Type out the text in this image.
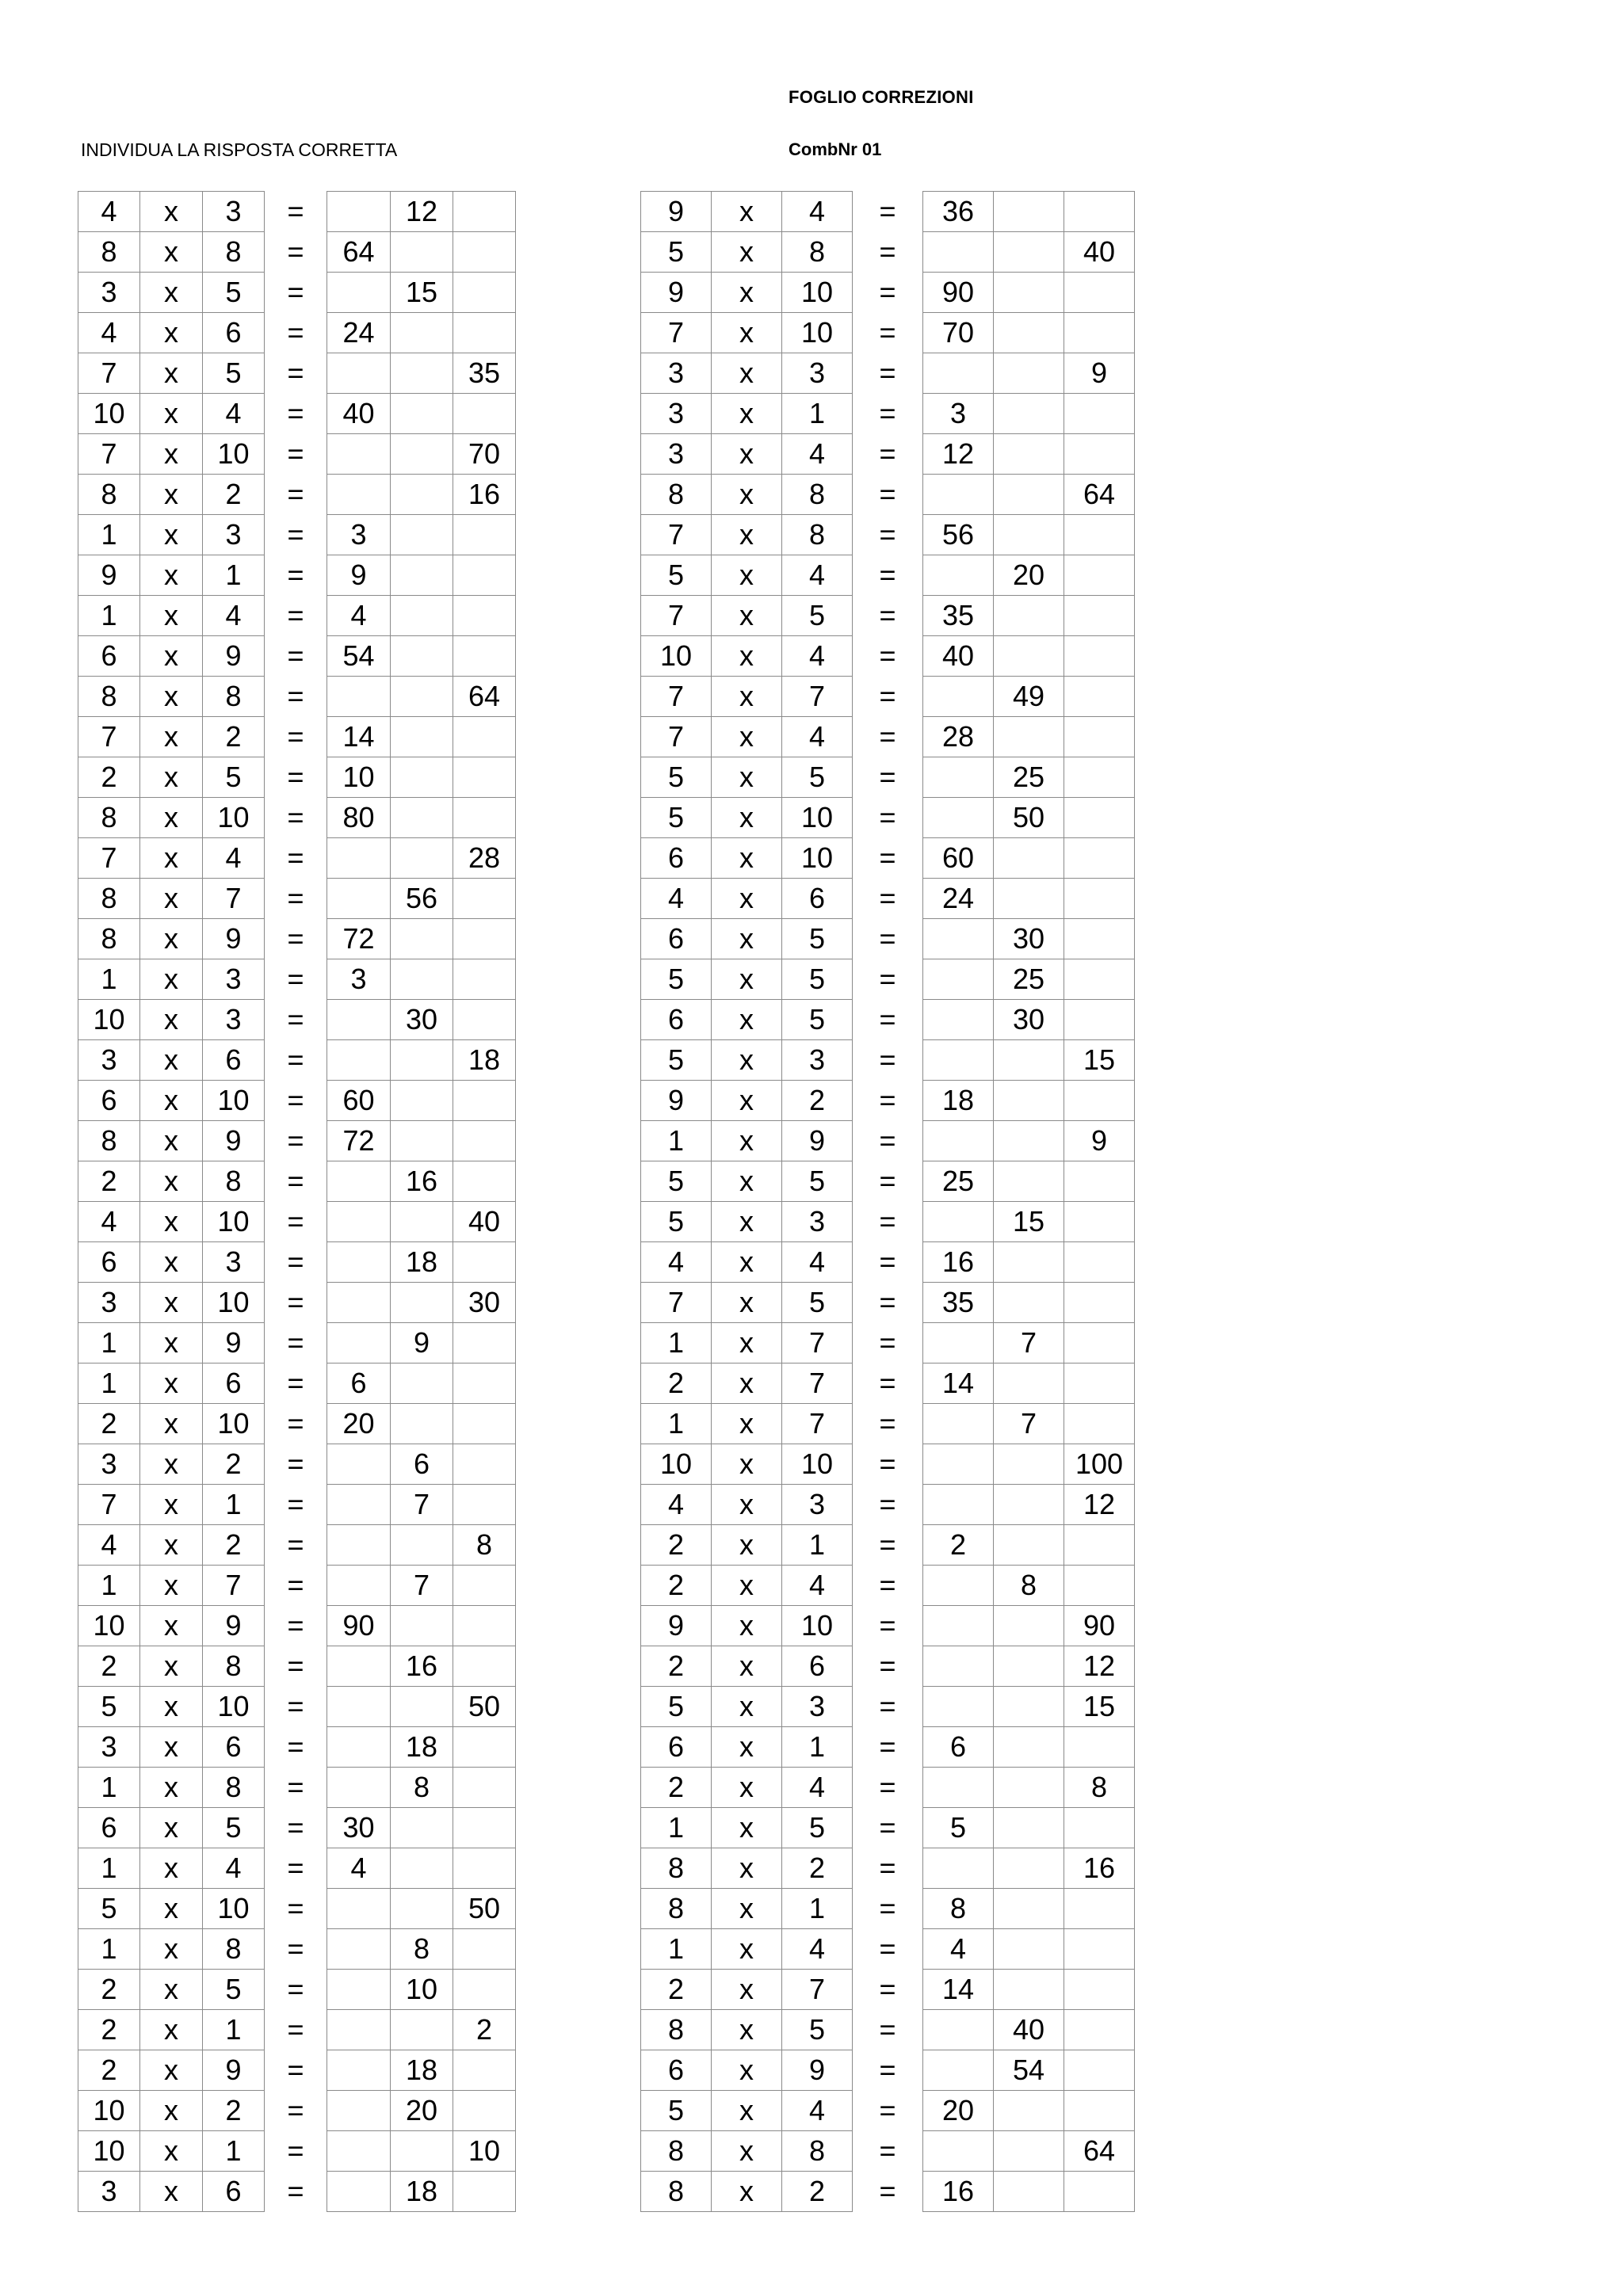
FOGLIO CORREZIONI
INDIVIDUA LA RISPOSTA CORRETTA	CombNr 01
4	x	3	=		12	
8	x	8	=	64		
3	x	5	=		15	
4	x	6	=	24		
7	x	5	=			35
10	x	4	=	40		
7	x	10	=			70
8	x	2	=			16
1	x	3	=	3		
9	x	1	=	9		
1	x	4	=	4		
6	x	9	=	54		
8	x	8	=			64
7	x	2	=	14		
2	x	5	=	10		
8	x	10	=	80		
7	x	4	=			28
8	x	7	=		56	
8	x	9	=	72		
1	x	3	=	3		
10	x	3	=		30	
3	x	6	=			18
6	x	10	=	60		
8	x	9	=	72		
2	x	8	=		16	
4	x	10	=			40
6	x	3	=		18	
3	x	10	=			30
1	x	9	=		9	
1	x	6	=	6		
2	x	10	=	20		
3	x	2	=		6	
7	x	1	=		7	
4	x	2	=			8
1	x	7	=		7	
10	x	9	=	90		
2	x	8	=		16	
5	x	10	=			50
3	x	6	=		18	
1	x	8	=		8	
6	x	5	=	30		
1	x	4	=	4		
5	x	10	=			50
1	x	8	=		8	
2	x	5	=		10	
2	x	1	=			2
2	x	9	=		18	
10	x	2	=		20	
10	x	1	=			10
3	x	6	=		18	
9	x	4	=	36		
5	x	8	=			40
9	x	10	=	90		
7	x	10	=	70		
3	x	3	=			9
3	x	1	=	3		
3	x	4	=	12		
8	x	8	=			64
7	x	8	=	56		
5	x	4	=		20	
7	x	5	=	35		
10	x	4	=	40		
7	x	7	=		49	
7	x	4	=	28		
5	x	5	=		25	
5	x	10	=		50	
6	x	10	=	60		
4	x	6	=	24		
6	x	5	=		30	
5	x	5	=		25	
6	x	5	=		30	
5	x	3	=			15
9	x	2	=	18		
1	x	9	=			9
5	x	5	=	25		
5	x	3	=		15	
4	x	4	=	16		
7	x	5	=	35		
1	x	7	=		7	
2	x	7	=	14		
1	x	7	=		7	
10	x	10	=			100
4	x	3	=			12
2	x	1	=	2		
2	x	4	=		8	
9	x	10	=			90
2	x	6	=			12
5	x	3	=			15
6	x	1	=	6		
2	x	4	=			8
1	x	5	=	5		
8	x	2	=			16
8	x	1	=	8		
1	x	4	=	4		
2	x	7	=	14		
8	x	5	=		40	
6	x	9	=		54	
5	x	4	=	20		
8	x	8	=			64
8	x	2	=	16		
